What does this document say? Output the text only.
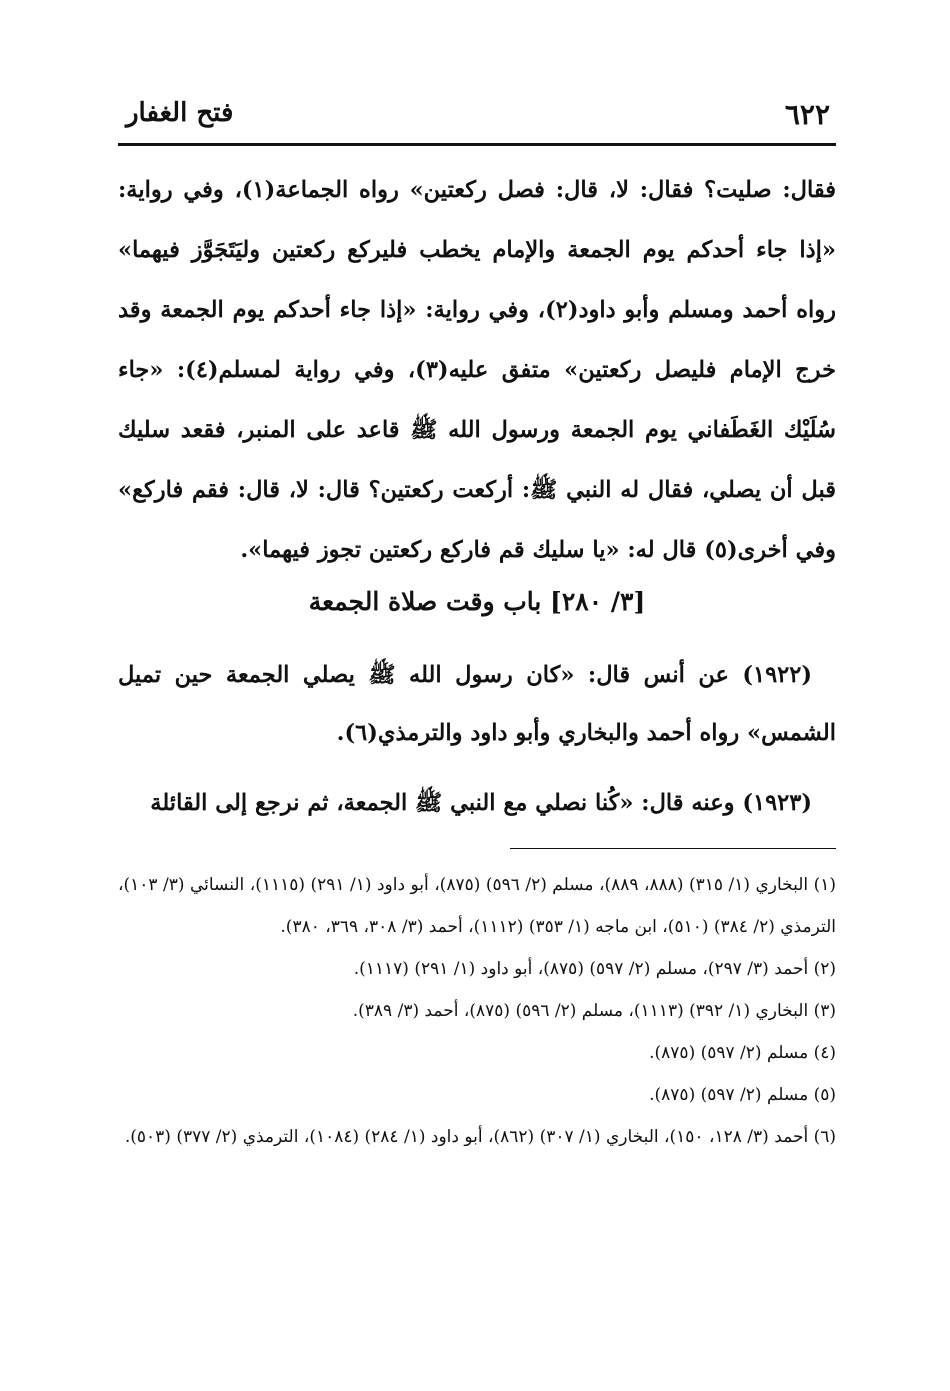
٦٢٢
فتح الغفار

فقال: صليت؟ فقال: لا، قال: فصل ركعتين» رواه الجماعة(١)، وفي رواية: «إذا جاء أحدكم يوم الجمعة والإمام يخطب فليركع ركعتين وليَتَجَوَّز فيهما» رواه أحمد ومسلم وأبو داود(٢)، وفي رواية: «إذا جاء أحدكم يوم الجمعة وقد خرج الإمام فليصل ركعتين» متفق عليه(٣)، وفي رواية لمسلم(٤): «جاء سُلَيْك الغَطَفاني يوم الجمعة ورسول الله ﷺ قاعد على المنبر، فقعد سليك قبل أن يصلي، فقال له النبي ﷺ: أركعت ركعتين؟ قال: لا، قال: فقم فاركع» وفي أخرى(٥) قال له: «يا سليك قم فاركع ركعتين تجوز فيهما».

[٣/ ٢٨٠] باب وقت صلاة الجمعة

(١٩٢٢) عن أنس قال: «كان رسول الله ﷺ يصلي الجمعة حين تميل الشمس» رواه أحمد والبخاري وأبو داود والترمذي(٦).

(١٩٢٣) وعنه قال: «كُنا نصلي مع النبي ﷺ الجمعة، ثم نرجع إلى القائلة

(١) البخاري (١/ ٣١٥) (٨٨٨، ٨٨٩)، مسلم (٢/ ٥٩٦) (٨٧٥)، أبو داود (١/ ٢٩١) (١١١٥)، النسائي (٣/ ١٠٣)، الترمذي (٢/ ٣٨٤) (٥١٠)، ابن ماجه (١/ ٣٥٣) (١١١٢)، أحمد (٣/ ٣٠٨، ٣٦٩، ٣٨٠).

(٢) أحمد (٣/ ٢٩٧)، مسلم (٢/ ٥٩٧) (٨٧٥)، أبو داود (١/ ٢٩١) (١١١٧).

(٣) البخاري (١/ ٣٩٢) (١١١٣)، مسلم (٢/ ٥٩٦) (٨٧٥)، أحمد (٣/ ٣٨٩).

(٤) مسلم (٢/ ٥٩٧) (٨٧٥).

(٥) مسلم (٢/ ٥٩٧) (٨٧٥).

(٦) أحمد (٣/ ١٢٨، ١٥٠)، البخاري (١/ ٣٠٧) (٨٦٢)، أبو داود (١/ ٢٨٤) (١٠٨٤)، الترمذي (٢/ ٣٧٧) (٥٠٣).
